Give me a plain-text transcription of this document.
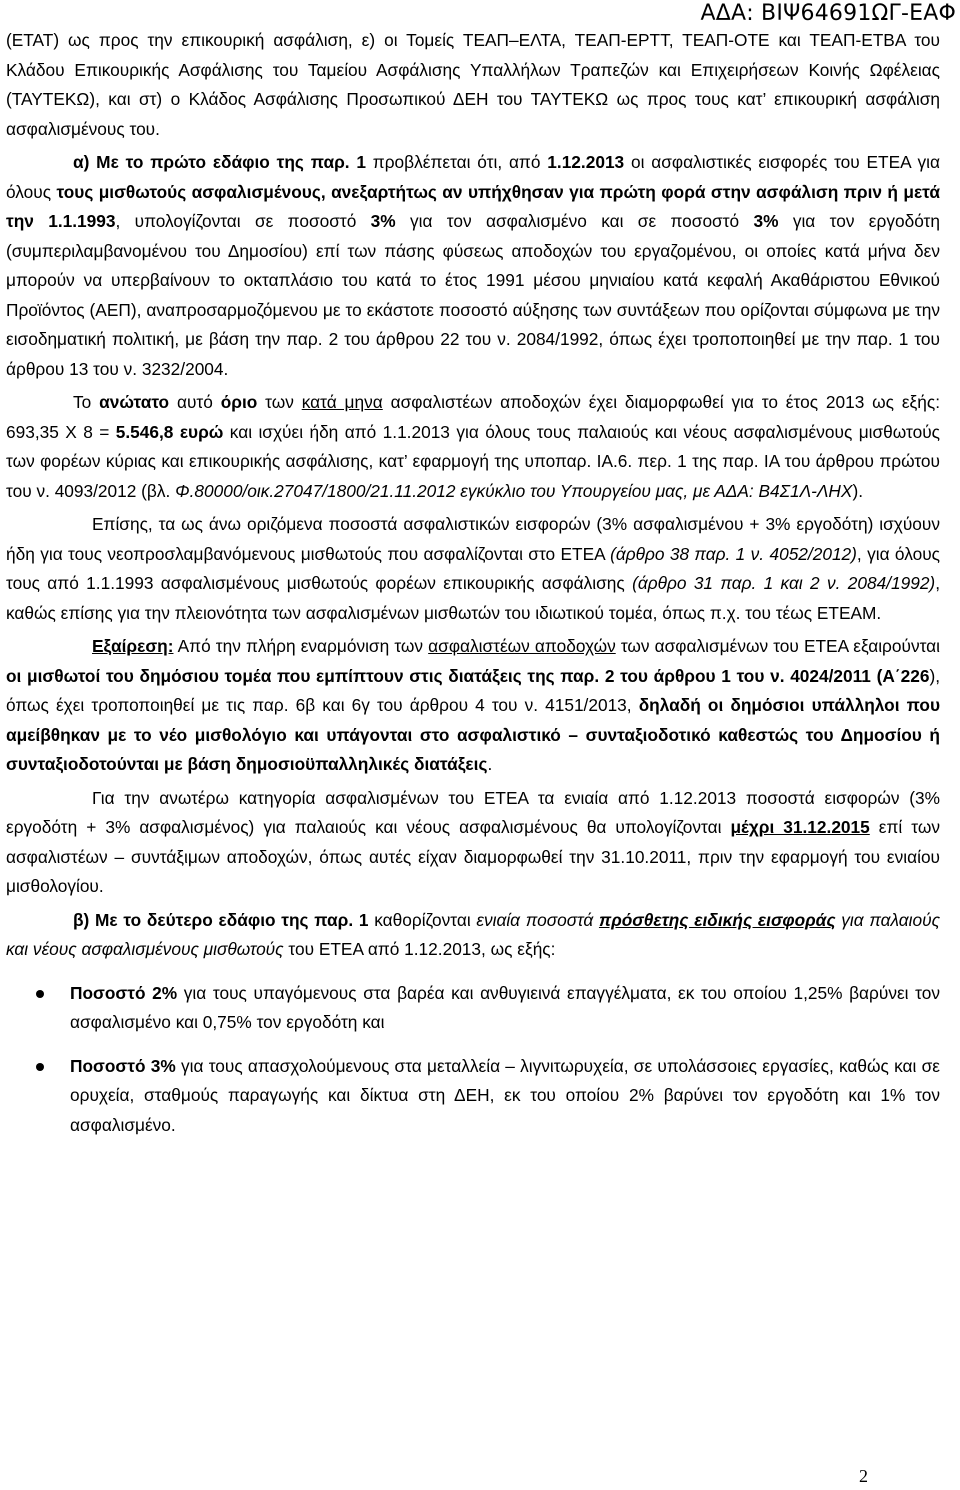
ΑΔΑ: ΒΙΨ64691ΩΓ-ΕΑΦ

(ΕΤΑΤ) ως προς την επικουρική ασφάλιση, ε) οι Τομείς ΤΕΑΠ–ΕΛΤΑ, ΤΕΑΠ-ΕΡΤΤ, ΤΕΑΠ-ΟΤΕ και ΤΕΑΠ-ΕΤΒΑ του Κλάδου Επικουρικής Ασφάλισης του Ταμείου Ασφάλισης Υπαλλήλων Τραπεζών και Επιχειρήσεων Κοινής Ωφέλειας (ΤΑΥΤΕΚΩ), και στ) ο Κλάδος Ασφάλισης Προσωπικού ΔΕΗ του ΤΑΥΤΕΚΩ ως προς τους κατ’ επικουρική ασφάλιση ασφαλισμένους του.

α) Με το πρώτο εδάφιο της παρ. 1 προβλέπεται ότι, από 1.12.2013 οι ασφαλιστικές εισφορές του ΕΤΕΑ για όλους τους μισθωτούς ασφαλισμένους, ανεξαρτήτως αν υπήχθησαν για πρώτη φορά στην ασφάλιση πριν ή μετά την 1.1.1993, υπολογίζονται σε ποσοστό 3% για τον ασφαλισμένο και σε ποσοστό 3% για τον εργοδότη (συμπεριλαμβανομένου του Δημοσίου) επί των πάσης φύσεως αποδοχών του εργαζομένου, οι οποίες κατά μήνα δεν μπορούν να υπερβαίνουν το οκταπλάσιο του κατά το έτος 1991 μέσου μηνιαίου κατά κεφαλή Ακαθάριστου Εθνικού Προϊόντος (ΑΕΠ), αναπροσαρμοζόμενου με το εκάστοτε ποσοστό αύξησης των συντάξεων που ορίζονται σύμφωνα με την εισοδηματική πολιτική, με βάση την παρ. 2 του άρθρου 22 του ν. 2084/1992, όπως έχει τροποποιηθεί με την παρ. 1 του άρθρου 13 του ν. 3232/2004.

Το ανώτατο αυτό όριο των κατά μηνα ασφαλιστέων αποδοχών έχει διαμορφωθεί για το έτος 2013 ως εξής: 693,35 Χ 8 = 5.546,8 ευρώ και ισχύει ήδη από 1.1.2013 για όλους τους παλαιούς και νέους ασφαλισμένους μισθωτούς των φορέων κύριας και επικουρικής ασφάλισης, κατ’ εφαρμογή της υποπαρ. ΙΑ.6. περ. 1 της παρ. ΙΑ του άρθρου πρώτου του ν. 4093/2012 (βλ. Φ.80000/οικ.27047/1800/21.11.2012 εγκύκλιο του Υπουργείου μας, με ΑΔΑ: Β4Σ1Λ-ΛΗΧ).

Επίσης, τα ως άνω οριζόμενα ποσοστά ασφαλιστικών εισφορών (3% ασφαλισμένου + 3% εργοδότη) ισχύουν ήδη για τους νεοπροσλαμβανόμενους μισθωτούς που ασφαλίζονται στο ΕΤΕΑ (άρθρο 38 παρ. 1 ν. 4052/2012), για όλους τους από 1.1.1993 ασφαλισμένους μισθωτούς φορέων επικουρικής ασφάλισης (άρθρο 31 παρ. 1 και 2 ν. 2084/1992), καθώς επίσης για την πλειονότητα των ασφαλισμένων μισθωτών του ιδιωτικού τομέα, όπως π.χ. του τέως ΕΤΕΑΜ.

Εξαίρεση: Από την πλήρη εναρμόνιση των ασφαλιστέων αποδοχών των ασφαλισμένων του ΕΤΕΑ εξαιρούνται οι μισθωτοί του δημόσιου τομέα που εμπίπτουν στις διατάξεις της παρ. 2 του άρθρου 1 του ν. 4024/2011 (Α΄226), όπως έχει τροποποιηθεί με τις παρ. 6β και 6γ του άρθρου 4 του ν. 4151/2013, δηλαδή οι δημόσιοι υπάλληλοι που αμείβθηκαν με το νέο μισθολόγιο και υπάγονται στο ασφαλιστικό – συνταξιοδοτικό καθεστώς του Δημοσίου ή συνταξιοδοτούνται με βάση δημοσιοϋπαλληλικές διατάξεις.

Για την ανωτέρω κατηγορία ασφαλισμένων του ΕΤΕΑ τα ενιαία από 1.12.2013 ποσοστά εισφορών (3% εργοδότη + 3% ασφαλισμένος) για παλαιούς και νέους ασφαλισμένους θα υπολογίζονται μέχρι 31.12.2015 επί των ασφαλιστέων – συντάξιμων αποδοχών, όπως αυτές είχαν διαμορφωθεί την 31.10.2011, πριν την εφαρμογή του ενιαίου μισθολογίου.

β) Με το δεύτερο εδάφιο της παρ. 1 καθορίζονται ενιαία ποσοστά πρόσθετης ειδικής εισφοράς για παλαιούς και νέους ασφαλισμένους μισθωτούς του ΕΤΕΑ από 1.12.2013, ως εξής:

Ποσοστό 2% για τους υπαγόμενους στα βαρέα και ανθυγιεινά επαγγέλματα, εκ του οποίου 1,25% βαρύνει τον ασφαλισμένο και 0,75% τον εργοδότη και
Ποσοστό 3% για τους απασχολούμενους στα μεταλλεία – λιγνιτωρυχεία, σε υπολάσσοιες εργασίες, καθώς και σε ορυχεία, σταθμούς παραγωγής και δίκτυα στη ΔΕΗ, εκ του οποίου 2% βαρύνει τον εργοδότη και 1% τον ασφαλισμένο.
2
